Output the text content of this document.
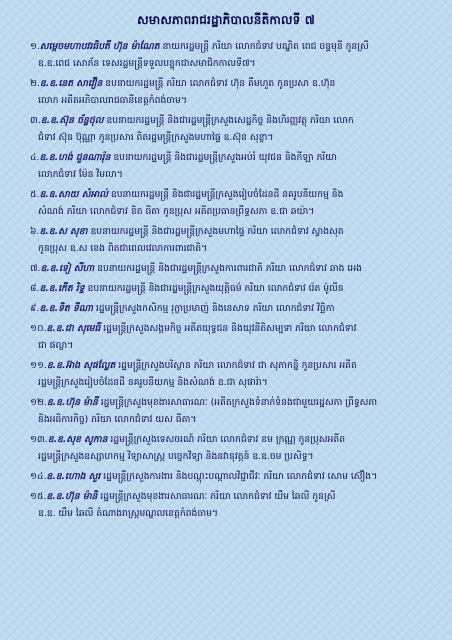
សមាសភាពរាជរដ្ឋាភិបាលនីតិកាលទី ៧
១.សម្តេចមហាបវរធិបតី ហ៊ុន ម៉ាណែត នាយករដ្ឋមន្ត្រី ភរិយា លោកជំទាវ បណ្ឌិត ពេជ ចន្ទមុនី កូនស្រី
ឧ.ឧ.ពេជ សោភ័ន ទេសរដ្ឋមន្ត្រីទទួលបន្ទុកជាសមាជិកកាលទី៧។
២.ឧ.ឧ.នេត សាវឿន ឧបនាយករដ្ឋមន្ត្រី ភរិយា លោកជំទាវ ហ៊ុន គឹមហួត កូនប្រសា ឧ.ហ៊ុន
លោក អតីតអភិបាលរាជធានីខេត្តកំពង់ចាម។
៣.ឧ.ឧ.ស៊ុន ច័ន្ទថុល ឧបនាយករដ្ឋមន្ត្រី និងជារដ្ឋមន្ត្រីក្រសួងសេដ្ឋកិច្ច និងហិរញ្ញវត្ថុ ភរិយា លោក
ជំទាវ ស៊ុន ប៊ុណ្ណា កូនប្រសារ ពិតរដ្ឋមន្ត្រីក្រសួងមហាផ្ទៃ ឧ.ស៊ុន សុខ្ខា។
៤.ឧ.ឧ.ហង់ ជួនណារ៉ុន ឧបនាយករដ្ឋមន្ត្រី និងជារដ្ឋមន្ត្រីក្រសួងអប់រំ យុវជន និងកីឡា ភរិយា
លោកជំទាវ ម៉ែន វិមលា។
៥.ឧ.ឧ.សាយ សំអាល់ ឧបនាយករដ្ឋមន្ត្រី និងជារដ្ឋមន្ត្រីក្រសួងរៀបចំដែនដី នគរូបនីយកម្ម និង
សំណង់ ភរិយា លោកជំទាវ ខិត ធីតា កូនប្រុស អតីតប្រធានព្រឹទ្ធសភា ឧ.ជា ឆយ៉ា។
៦.ឧ.ឧ.ស សុខា ឧបនាយករដ្ឋមន្ត្រី និងជារដ្ឋមន្ត្រីក្រសួងមហាផ្ទៃ ភរិយា លោកជំទាវ ស្វាងសុត
កូនប្រុស ឧ.ស ខេង ពិតជាពេលវេលាការពារជាតិ។
៧.ឧ.ឧ.ទៀ សីហា ឧបនាយករដ្ឋមន្ត្រី និងជារដ្ឋមន្ត្រីក្រសួងការពារជាតិ ភរិយា លោកជំទាវ ឆាង អេង
៨.ឧ.ឧ.កើត រិទ្ធ ឧបនាយករដ្ឋមន្ត្រី និងជារដ្ឋមន្ត្រីក្រសួងយុត្តិធម៌ ភរិយា លោកជំទាវ រ៉េត ម៉ូលីន
៩.ឧ.ឧ.ទិត ទីណា រដ្ឋមន្ត្រីក្រសួងកសិកម្ម រុក្ខាប្រមាញ់ និងនេសាទ ភរិយា លោកជំទាវ វិច្ឆិកា
១០.ឧ.ឧ.ជា សុមេធី រដ្ឋមន្ត្រីក្រសួងសង្គមកិច្ច អតីតយុទ្ធជន និងយុវនីតិសម្បទា ភរិយា លោកជំទាវ
ជា ផល្លា។
១១.ឧ.ឧ.អ៊ាង សុផល្លែត រដ្ឋមន្ត្រីក្រសួងបរិស្ថាន ភរិយា លោកជំទាវ ជា សុភាកន្និ កូនប្រសារ អតីត
រដ្ឋមន្ត្រីក្រសួងរៀបចំដែនដី នគរូបនីយកម្ម និងសំណង់ ឧ.ជា សុផារ៉ា។
១២.ឧ.ឧ.ហ៊ុន ម៉ានី រដ្ឋមន្ត្រីក្រសួងមុខងារសាធារណៈ (អតីតក្រសួងទំនាក់ទំនងជាមួយរដ្ឋសភា ព្រឹទ្ធសភា
និងអធិការកិច្ច) ភរិយា លោកជំទាវ យស ធីតា។
១៣.ឧ.ឧ.សុខ សូកាន រដ្ឋមន្ត្រីក្រសួងទេសចរណ៍ ភរិយា លោកជំទាវ ខម ក្រណ្ណ កូនប្រុសអតីត
រដ្ឋមន្ត្រីក្រសួងឧស្សាហកម្ម វិទ្យាសាស្ត្រ បច្ចេកវិទ្យា និងនវានុវត្តន៍ ឧ.ឧ.ចម ប្រសិទ្ធ។
១៤.ឧ.ឧ.ហោង សួរ រដ្ឋមន្ត្រីក្រសួងការងារ និងបណ្តុះបណ្តាលវិជ្ជាជីវៈ ភរិយា លោកជំទាវ សោម ស៊ឿង។
១៥.ឧ.ឧ.ហ៊ុន ម៉ានិ រដ្ឋមន្ត្រីក្រសួងមុខងារសាធារណៈ ភរិយា លោកជំទាវ យឹម ឆៃលី កូនស្រី
ឧ.ឧ. យឹម ឆៃលី តំណាងរាស្ត្រមណ្ឌលខេត្តកំពង់ចាម។
